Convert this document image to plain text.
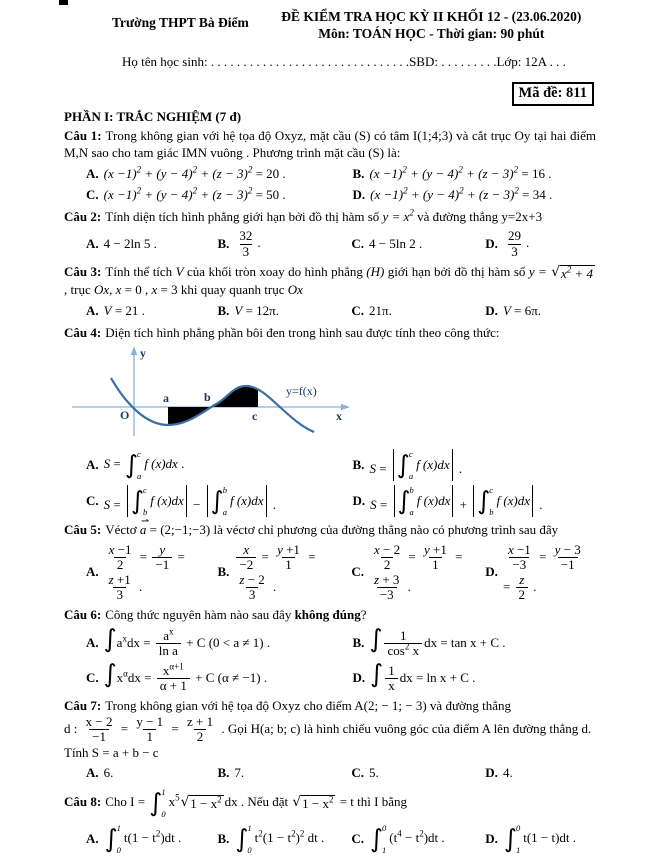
Trường THPT Bà Điểm	ĐỀ KIỂM TRA HỌC KỲ II KHỐI 12 - (23.06.2020)
Môn: TOÁN HỌC - Thời gian: 90 phút
Họ tên học sinh: . . . . . . . . . . . . . . . . . . . . . . . . . . . . . . .SBD: . . . . . . . . .Lớp: 12A . . .
Mã đề: 811
PHẦN I: TRẮC NGHIỆM (7 đ)

Câu 1: Trong không gian với hệ tọa độ Oxyz, mặt cầu (S) có tâm I(1;4;3) và cắt trục Oy tại hai điểm M,N sao cho tam giác IMN vuông . Phương trình mặt cầu (S) là:

A. $(x -1)^2 + (y - 4)^2 + (z - 3)^2 = 20$ .	B. $(x -1)^2 + (y - 4)^2 + (z - 3)^2 = 16$ .
C. $(x -1)^2 + (y - 4)^2 + (z - 3)^2 = 50$ .	D. $(x -1)^2 + (y - 4)^2 + (z - 3)^2 = 34$ .

Câu 2: Tính diện tích hình phẳng giới hạn bởi đồ thị hàm số $y = x^2$ và đường thẳng y=2x+3

A. 4 − 2ln 5 .	B. $\frac{32}{3}$ .	C. 4 − 5ln 2 .	D. $\frac{29}{3}$ .

Câu 3: Tính thể tích V của khối tròn xoay do hình phẳng (H) giới hạn bởi đồ thị hàm số y = √ $x^2 + 4$
, trục Ox, x = 0 , x = 3 khi quay quanh trục Ox

A. V = 21 .	B. V = 12π.	C. 21π.	D. V = 6π.

Câu 4: Diện tích hình phẳng phần bôi đen trong hình sau được tính theo công thức:

O
y
x
a	b
c
y=f(x)
A. S = ∫ c
a
f (x)dx .	B. S = ∫ c
a
f (x)dx .
C. S = ∫ c
b
f (x)dx − ∫ b
a
f (x)dx .	D. S = ∫ b
a
f (x)dx + ∫ c
b
f (x)dx .

Câu 5: Véctơ ⇀ a = (2;−1;−3) là véctơ chỉ phương của đường thẳng nào có phương trình sau đây

A. $\frac{x -1}{2} = \frac{y}{-1}$ =
$\frac{z +1}{3}$ .
B. $\frac{x}{-2} = \frac{y +1}{1}$ =
$\frac{z - 2}{3}$ .
C. $\frac{x - 2}{2} = \frac{y +1}{1}$ =
$\frac{z + 3}{-3}$ .
D. $\frac{x -1}{-3} = \frac{y - 3}{-1}$
= $\frac{z}{2}$ .

Câu 6: Công thức nguyên hàm nào sau đây không đúng?

A. $\int a^xdx = \frac{a^x}{\text{ln a}} + C$ (0 < a ≠ 1) .	B. ∫ $\frac{1}{\cos^2 x}$ dx = tan x + C .
C. $\int x^\alpha dx = \frac{x^{\alpha+1}}{\alpha + 1} + C$ (α ≠ −1) .	D. ∫ $\frac{1}{x}$ dx = ln x + C .

Câu 7: Trong không gian với hệ tọa độ Oxyz cho điểm A(2; − 1; − 3) và đường thẳng

d : $\frac{x - 2}{-1} = \frac{y - 1}{1} = \frac{z + 1}{2}$ . Gọi H(a; b; c) là hình chiếu vuông góc của điểm A lên đường thẳng d.
Tính S = a + b − c
A. 6.	B. 7.	C. 5.	D. 4.

Câu 8: Cho I = ∫ 1
0
$x^5$ √ $1 - x^2$ dx . Nếu đặt √ $1 - x^2 = t$ thì I bằng

A. ∫ 1
0
$t(1 - t^2)dt$ .	B. ∫ 1
0
$t^2(1 - t^2)^2$ dt . C. ∫ 0
1
$(t^4 - t^2)dt$ .	D. ∫ 0
1
t(1 − t)dt .
